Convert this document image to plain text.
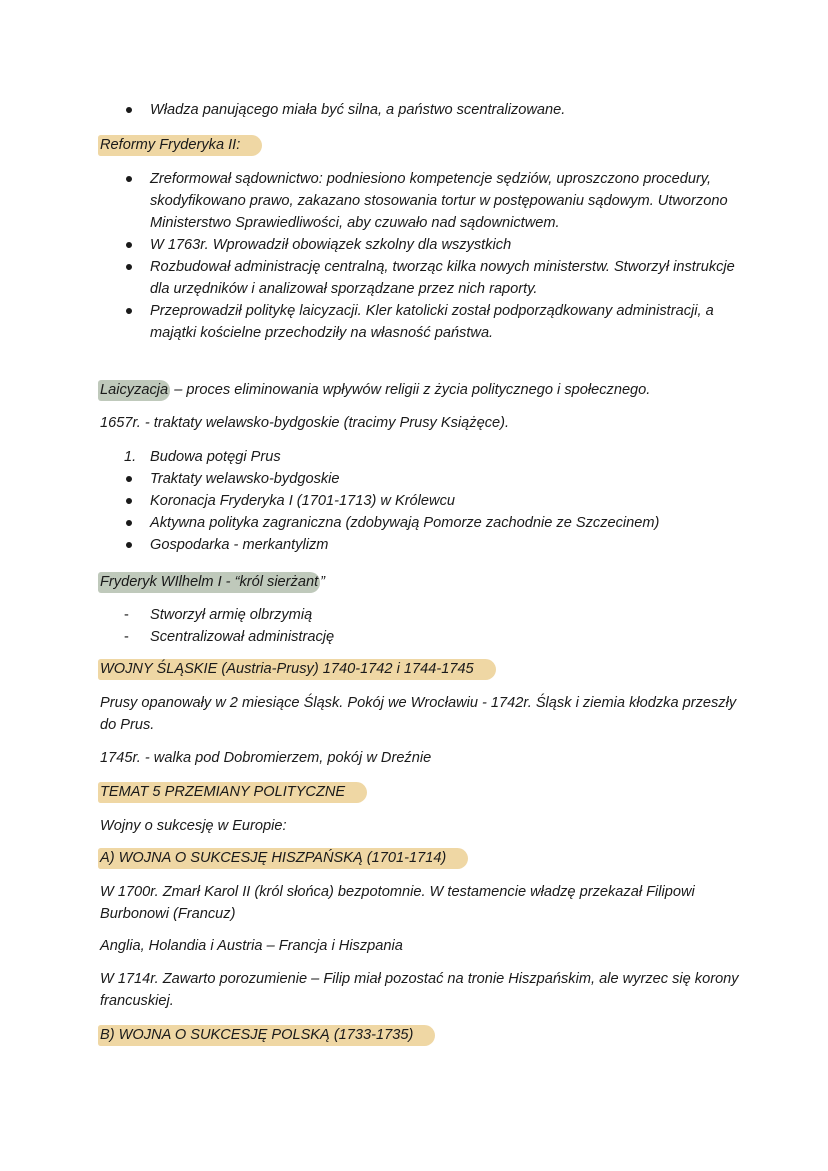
Władza panującego miała być silna, a państwo scentralizowane.
Reformy Fryderyka II:
Zreformował sądownictwo: podniesiono kompetencje sędziów, uproszczono procedury, skodyfikowano prawo, zakazano stosowania tortur w postępowaniu sądowym. Utworzono Ministerstwo Sprawiedliwości, aby czuwało nad sądownictwem.
W 1763r. Wprowadził obowiązek szkolny dla wszystkich
Rozbudował administrację centralną, tworząc kilka nowych ministerstw. Stworzył instrukcje dla urzędników i analizował sporządzane przez nich raporty.
Przeprowadził politykę laicyzacji. Kler katolicki został podporządkowany administracji, a majątki kościelne przechodziły na własność państwa.
Laicyzacja – proces eliminowania wpływów religii z życia politycznego i społecznego.
1657r. - traktaty welawsko-bydgoskie (tracimy Prusy Książęce).
1. Budowa potęgi Prus
Traktaty welawsko-bydgoskie
Koronacja Fryderyka I (1701-1713) w Królewcu
Aktywna polityka zagraniczna (zdobywają Pomorze zachodnie ze Szczecinem)
Gospodarka - merkantylizm
Fryderyk WIlhelm I - “król sierżant ”
- Stworzył armię olbrzymią
- Scentralizował administrację
WOJNY ŚLĄSKIE (Austria-Prusy) 1740-1742 i 1744-1745
Prusy opanowały w 2 miesiące Śląsk. Pokój we Wrocławiu - 1742r. Śląsk i ziemia kłodzka przeszły do Prus.
1745r. - walka pod Dobromierzem, pokój w Dreźnie
TEMAT 5 PRZEMIANY POLITYCZNE
Wojny o sukcesję w Europie:
A) WOJNA O SUKCESJĘ HISZPAŃSKĄ (1701-1714)
W 1700r. Zmarł Karol II (król słońca) bezpotomnie. W testamencie władzę przekazał Filipowi Burbonowi (Francuz)
Anglia, Holandia i Austria – Francja i Hiszpania
W 1714r. Zawarto porozumienie – Filip miał pozostać na tronie Hiszpańskim, ale wyrzec się korony francuskiej.
B) WOJNA O SUKCESJĘ POLSKĄ (1733-1735)
